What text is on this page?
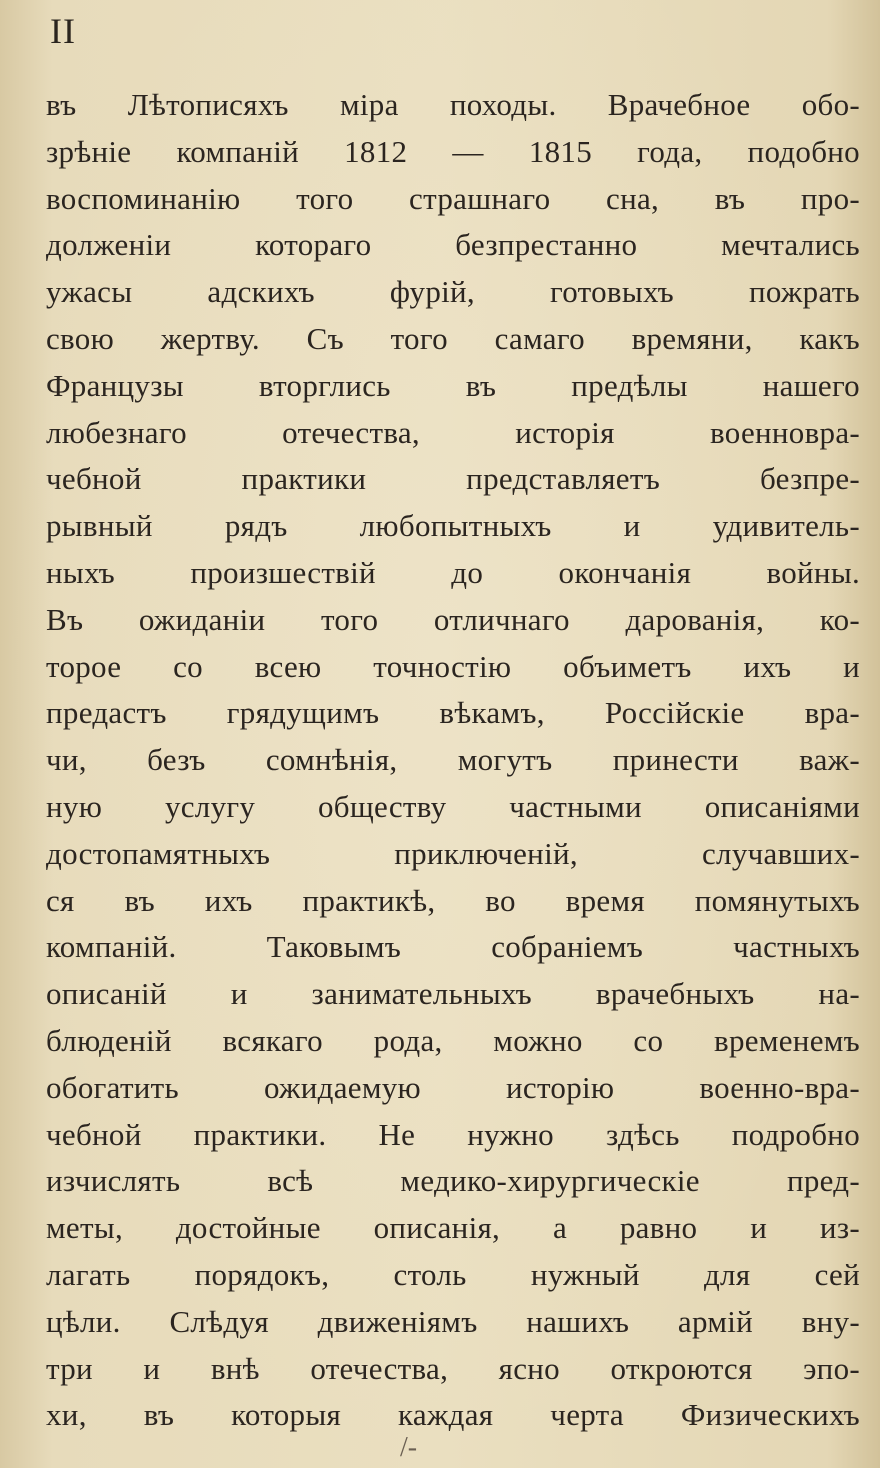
II
въ Лѣтописяхъ міра походы. Врачебное обо-
зрѣніе компаній 1812 — 1815 года, подобно
воспоминанію того страшнаго сна, въ про-
долженіи котораго безпрестанно мечтались
ужасы адскихъ фурій, готовыхъ пожрать
свою жертву. Съ того самаго времяни, какъ
Французы вторглись въ предѣлы нашего
любезнаго отечества, исторія военновра-
чебной практики представляетъ безпре-
рывный рядъ любопытныхъ и удивитель-
ныхъ произшествій до окончанія войны.
Въ ожиданіи того отличнаго дарованія, ко-
торое со всею точностію объиметъ ихъ и
предастъ грядущимъ вѣкамъ, Россійскіе вра-
чи, безъ сомнѣнія, могутъ принести важ-
ную услугу обществу частными описаніями
достопамятныхъ приключеній, случавших-
ся въ ихъ практикѣ, во время помянутыхъ
компаній. Таковымъ собраніемъ частныхъ
описаній и занимательныхъ врачебныхъ на-
блюденій всякаго рода, можно со временемъ
обогатить ожидаемую исторію военно-вра-
чебной практики. Не нужно здѣсь подробно
изчислять всѣ медико-хирургическіе пред-
меты, достойные описанія, а равно и из-
лагать порядокъ, столь нужный для сей
цѣли. Слѣдуя движеніямъ нашихъ армій вну-
три и внѣ отечества, ясно откроются эпо-
хи, въ которыя каждая черта Физическихъ
/-
